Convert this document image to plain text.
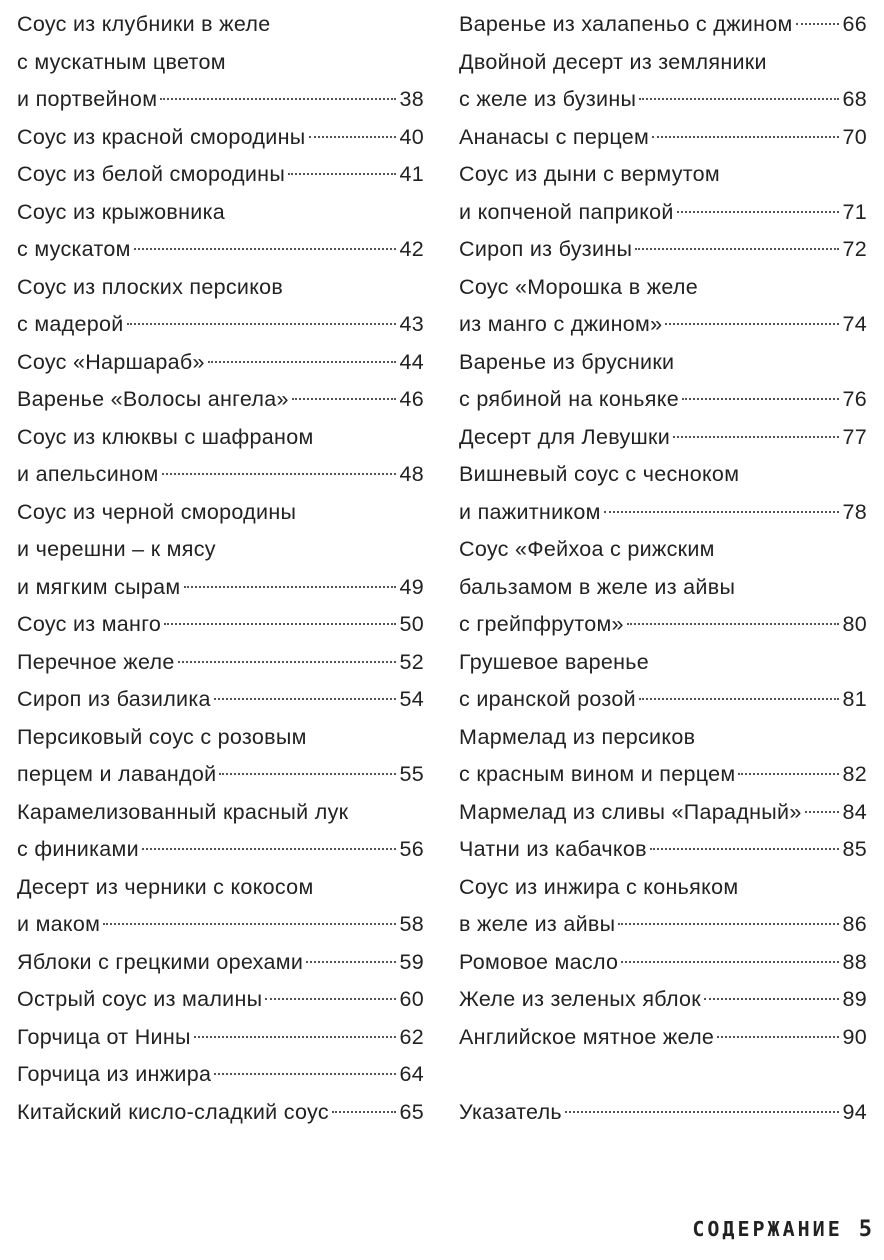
Соус из клубники в желе
с мускатным цветом
и портвейном	38
Соус из красной смородины	40
Соус из белой смородины	41
Соус из крыжовника
с мускатом	42
Соус из плоских персиков
с мадерой	43
Соус «Наршараб»	44
Варенье «Волосы ангела»	46
Соус из клюквы с шафраном
и апельсином	48
Соус из черной смородины
и черешни – к мясу
и мягким сырам	49
Соус из манго	50
Перечное желе	52
Сироп из базилика	54
Персиковый соус с розовым
перцем и лавандой	55
Карамелизованный красный лук
с финиками	56
Десерт из черники с кокосом
и маком	58
Яблоки с грецкими орехами	59
Острый соус из малины	60
Горчица от Нины	62
Горчица из инжира	64
Китайский кисло-сладкий соус	65
Варенье из халапеньо с джином 66
Двойной десерт из земляники
с желе из бузины	68
Ананасы с перцем	70
Соус из дыни с вермутом
и копченой паприкой	71
Сироп из бузины	72
Соус «Морошка в желе
из манго с джином»	74
Варенье из брусники
с рябиной на коньяке	76
Десерт для Левушки	77
Вишневый соус с чесноком
и пажитником	78
Соус «Фейхоа с рижским
бальзамом в желе из айвы
с грейпфрутом»	80
Грушевое варенье
с иранской розой	81
Мармелад из персиков
с красным вином и перцем	82
Мармелад из сливы «Парадный» 84
Чатни из кабачков	85
Соус из инжира с коньяком
в желе из айвы	86
Ромовое масло	88
Желе из зеленых яблок	89
Английское мятное желе	90
Указатель	94
СОДЕРЖАНИЕ 5
